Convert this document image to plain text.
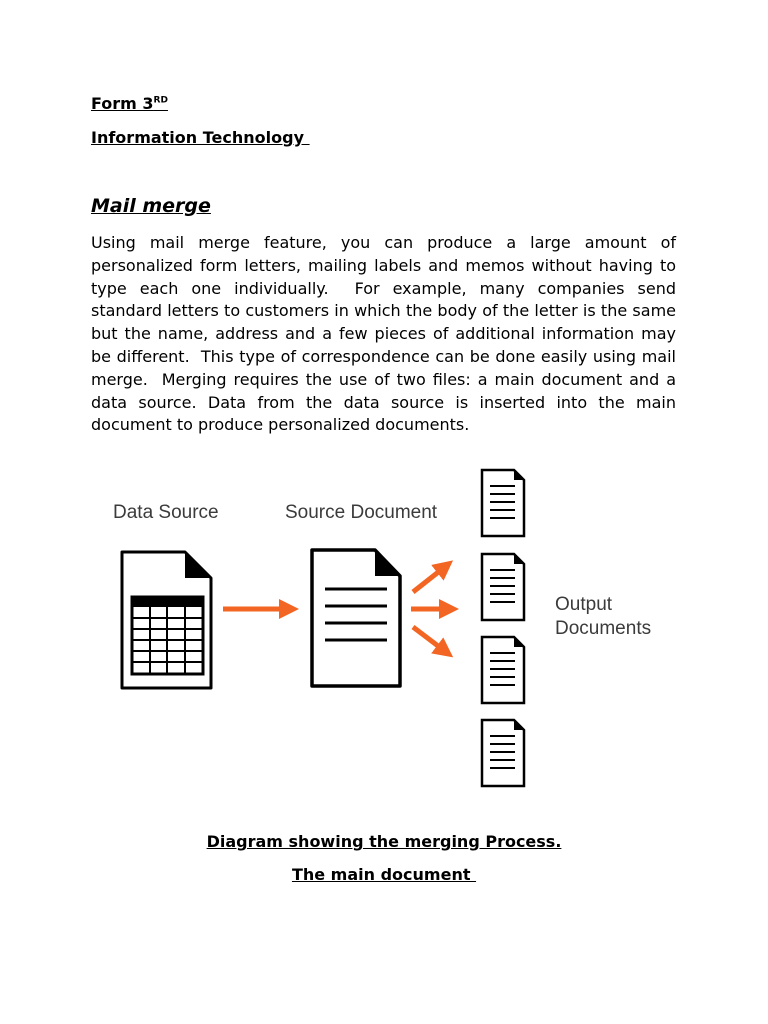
Form 3RD

Information Technology

Mail merge

Using mail merge feature, you can produce a large amount of personalized form letters, mailing labels and memos without having to type each one individually.  For example, many companies send standard letters to customers in which the body of the letter is the same but the name, address and a few pieces of additional information may be different.  This type of correspondence can be done easily using mail merge.  Merging requires the use of two files: a main document and a data source. Data from the data source is inserted into the main document to produce personalized documents.

Data Source	Source Document
Output
Documents

Diagram showing the merging Process.

The main document
